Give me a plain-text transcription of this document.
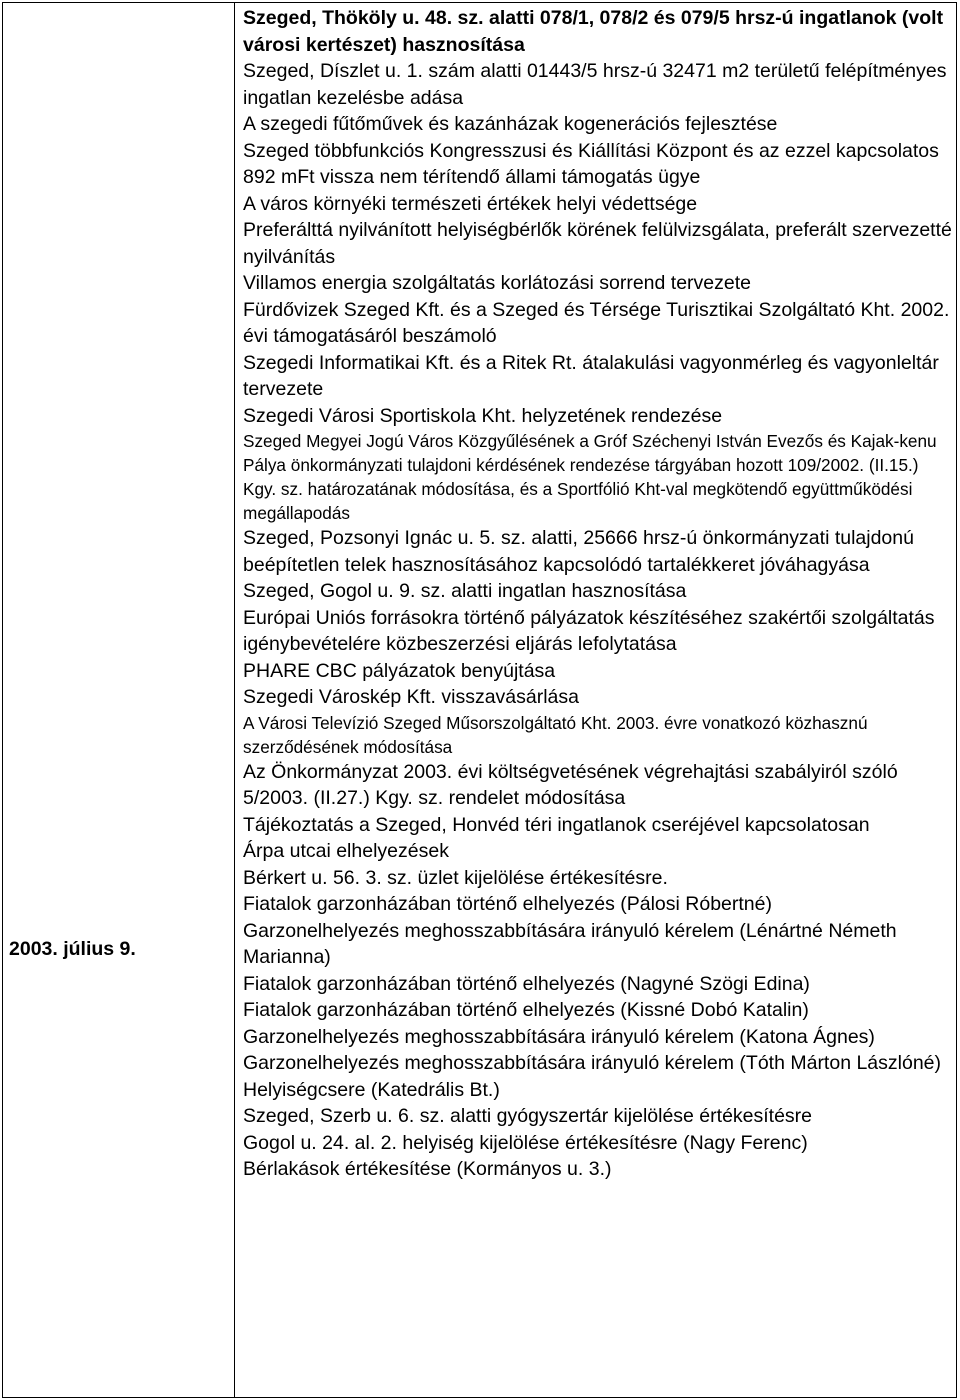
2003. július 9.
Szeged, Thököly u. 48. sz. alatti 078/1, 078/2 és 079/5 hrsz-ú ingatlanok (volt városi kertészet) hasznosítása
Szeged, Díszlet u. 1. szám alatti 01443/5 hrsz-ú 32471 m2 területű felépítményes ingatlan kezelésbe adása
A szegedi fűtőművek és kazánházak kogenerációs fejlesztése
Szeged többfunkciós Kongresszusi és Kiállítási Központ és az ezzel kapcsolatos 892 mFt vissza nem térítendő állami támogatás ügye
A város környéki természeti értékek helyi védettsége
Preferálttá nyilvánított helyiségbérlők körének felülvizsgálata, preferált szervezetté nyilvánítás
Villamos energia szolgáltatás korlátozási sorrend tervezete
Fürdővizek Szeged Kft. és a Szeged és Térsége Turisztikai Szolgáltató Kht. 2002. évi támogatásáról beszámoló
Szegedi Informatikai Kft. és a Ritek Rt. átalakulási vagyonmérleg és vagyonleltár tervezete
Szegedi Városi Sportiskola Kht. helyzetének rendezése
Szeged Megyei Jogú Város Közgyűlésének a Gróf Széchenyi István Evezős és Kajak-kenu Pálya önkormányzati tulajdoni kérdésének rendezése tárgyában hozott 109/2002. (II.15.) Kgy. sz. határozatának módosítása, és a Sportfólió Kht-val megkötendő együttműködési megállapodás
Szeged, Pozsonyi Ignác u. 5. sz. alatti, 25666 hrsz-ú önkormányzati tulajdonú beépítetlen telek hasznosításához kapcsolódó tartalékkeret jóváhagyása
Szeged, Gogol u. 9. sz. alatti ingatlan hasznosítása
Európai Uniós forrásokra történő pályázatok készítéséhez szakértői szolgáltatás igénybevételére közbeszerzési eljárás lefolytatása
PHARE CBC pályázatok benyújtása
Szegedi Városkép Kft. visszavásárlása
A Városi Televízió Szeged Műsorszolgáltató Kht. 2003. évre vonatkozó közhasznú szerződésének módosítása
Az Önkormányzat 2003. évi költségvetésének végrehajtási szabályiról szóló 5/2003. (II.27.) Kgy. sz. rendelet módosítása
Tájékoztatás a Szeged, Honvéd téri ingatlanok cseréjével kapcsolatosan
Árpa utcai elhelyezések
Bérkert u. 56. 3. sz. üzlet kijelölése értékesítésre.
Fiatalok garzonházában történő elhelyezés (Pálosi Róbertné)
Garzonelhelyezés meghosszabbítására irányuló kérelem (Lénártné Németh Marianna)
Fiatalok garzonházában történő elhelyezés (Nagyné Szögi Edina)
Fiatalok garzonházában történő elhelyezés (Kissné Dobó Katalin)
Garzonelhelyezés meghosszabbítására irányuló kérelem (Katona Ágnes)
Garzonelhelyezés meghosszabbítására irányuló kérelem (Tóth Márton Lászlóné)
Helyiségcsere (Katedrális Bt.)
Szeged, Szerb u. 6. sz. alatti gyógyszertár kijelölése értékesítésre
Gogol u. 24. al. 2. helyiség kijelölése értékesítésre (Nagy Ferenc)
Bérlakások értékesítése (Kormányos u. 3.)
